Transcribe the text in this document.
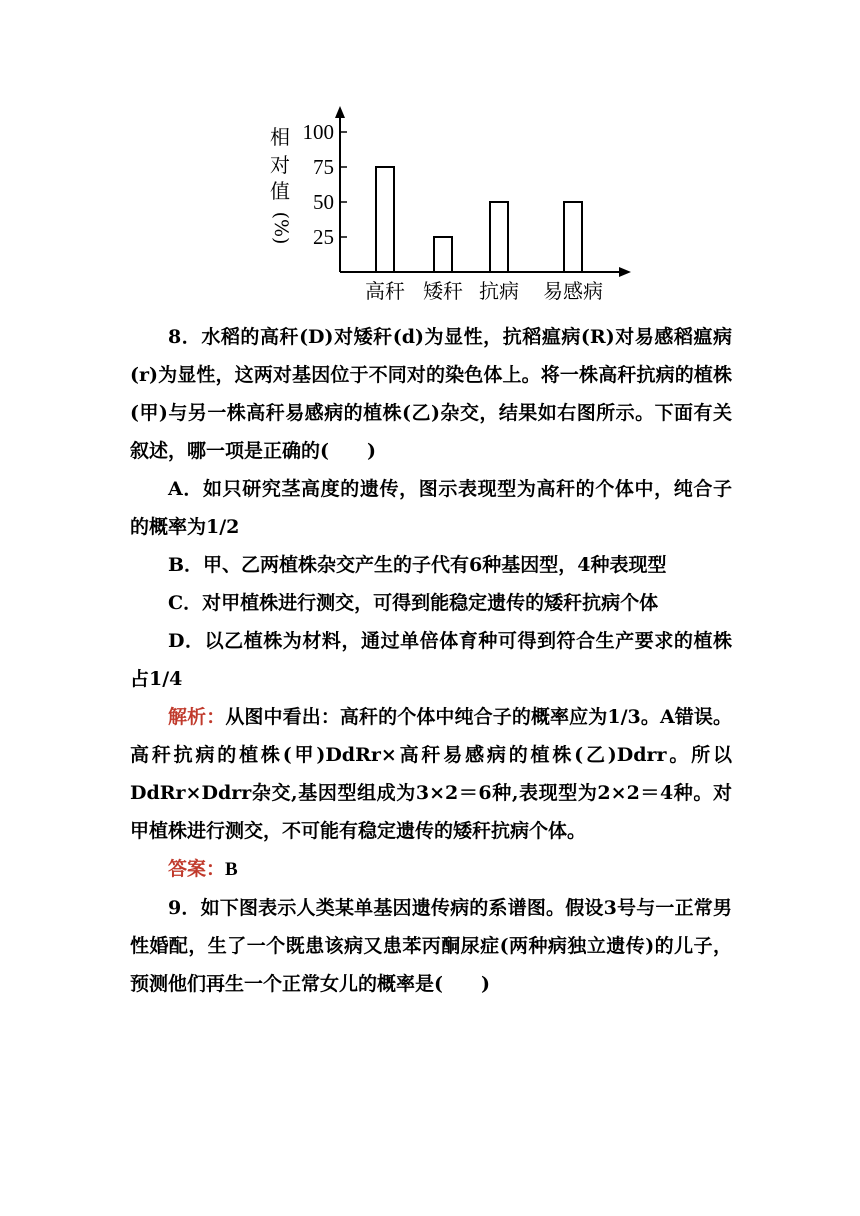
100
75
50
25
高秆 矮秆 抗病 易感病
相
对
值
(%)

8．水稻的高秆(D)对矮秆(d)为显性，抗稻瘟病(R)对易感稻瘟病(r)为显性，这两对基因位于不同对的染色体上。将一株高秆抗病的植株(甲)与另一株高秆易感病的植株(乙)杂交，结果如右图所示。下面有关叙述，哪一项是正确的(　　)

A．如只研究茎高度的遗传，图示表现型为高秆的个体中，纯合子的概率为1/2

B．甲、乙两植株杂交产生的子代有6种基因型，4种表现型

C．对甲植株进行测交，可得到能稳定遗传的矮秆抗病个体

D．以乙植株为材料，通过单倍体育种可得到符合生产要求的植株占1/4

解析：从图中看出：高秆的个体中纯合子的概率应为1/3。A错误。高秆抗病的植株(甲)DdRr×高秆易感病的植株(乙)Ddrr。所以DdRr×Ddrr杂交,基因型组成为3×2＝6种,表现型为2×2＝4种。对甲植株进行测交，不可能有稳定遗传的矮秆抗病个体。

答案：B

9．如下图表示人类某单基因遗传病的系谱图。假设3号与一正常男性婚配，生了一个既患该病又患苯丙酮尿症(两种病独立遗传)的儿子，预测他们再生一个正常女儿的概率是(　　)
